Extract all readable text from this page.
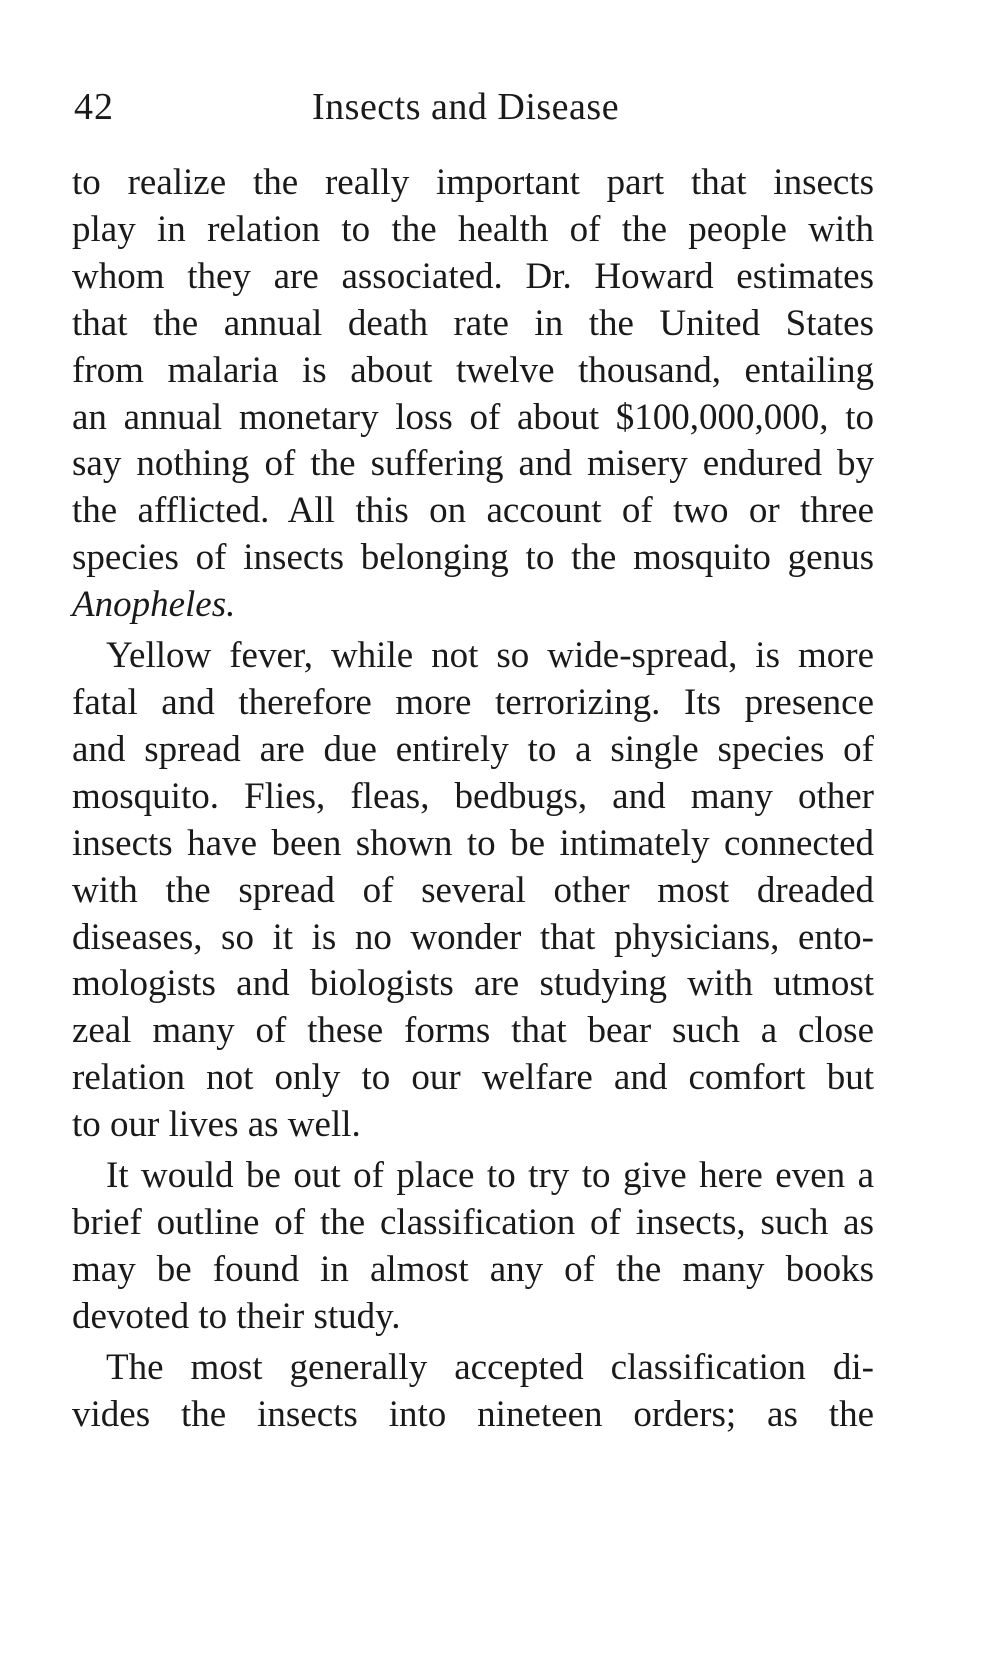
42	Insects and Disease
to realize the really important part that insects
play in relation to the health of the people with
whom they are associated. Dr. Howard estimates
that the annual death rate in the United States
from malaria is about twelve thousand, entailing
an annual monetary loss of about $100,000,000, to
say nothing of the suffering and misery endured by
the afflicted. All this on account of two or three
species of insects belonging to the mosquito genus
Anopheles.
Yellow fever, while not so wide-spread, is more
fatal and therefore more terrorizing. Its presence
and spread are due entirely to a single species of
mosquito. Flies, fleas, bedbugs, and many other
insects have been shown to be intimately connected
with the spread of several other most dreaded
diseases, so it is no wonder that physicians, ento-
mologists and biologists are studying with utmost
zeal many of these forms that bear such a close
relation not only to our welfare and comfort but
to our lives as well.
It would be out of place to try to give here even a
brief outline of the classification of insects, such as
may be found in almost any of the many books
devoted to their study.
The most generally accepted classification di-
vides the insects into nineteen orders; as the
